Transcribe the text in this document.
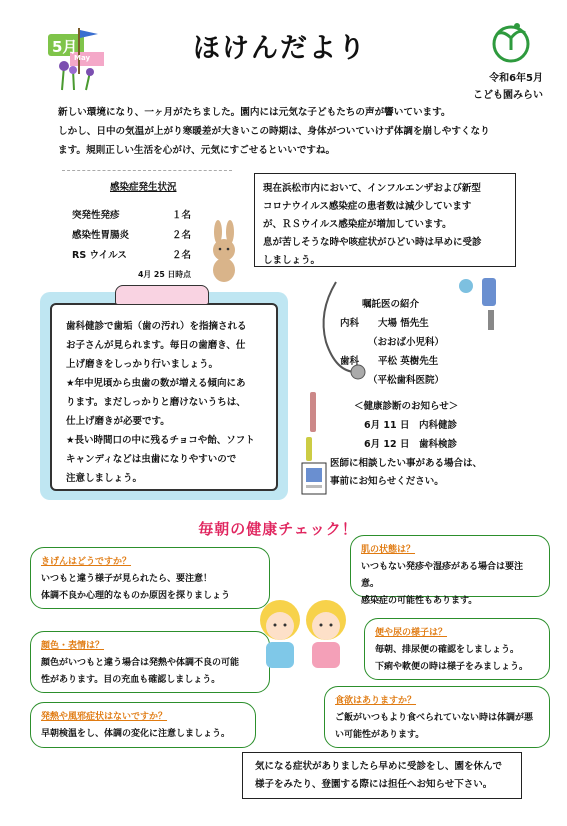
5月
May	ほけんだより
令和6年5月
こども園みらい

新しい環境になり、一ヶ月がたちました。園内には元気な子どもたちの声が響いています。

しかし、日中の気温が上がり寒暖差が大きいこの時期は、身体がついていけず体調を崩しやすくなり

ます。規則正しい生活を心がけ、元気にすごせるといいですね。

感染症発生状況
突発性発疹	１名
感染性胃腸炎	２名
RS ウイルス	２名
4月 25 日時点
現在浜松市内において、インフルエンザおよび新型
コロナウイルス感染症の患者数は減少しています
が、ＲＳウイルス感染症が増加しています。
息が苦しそうな時や咳症状がひどい時は早めに受診
しましょう。
歯科健診で歯垢（歯の汚れ）を指摘される
お子さんが見られます。毎日の歯磨き、仕
上げ磨きをしっかり行いましょう。
★年中児頃から虫歯の数が増える傾向にあ
ります。まだしっかりと磨けないうちは、
仕上げ磨きが必要です。
★長い時間口の中に残るチョコや飴、ソフト
キャンディなどは虫歯になりやすいので
注意しましょう。
嘱託医の紹介
内科　　大場 悟先生
（おおば小児科）
歯科　　平松 英樹先生
（平松歯科医院）
＜健康診断のお知らせ＞
6月 11 日　内科健診
6月 12 日　歯科検診
医師に相談したい事がある場合は、
事前にお知らせください。
毎朝の健康チェック！
きげんはどうですか？
いつもと違う様子が見られたら、要注意！
体調不良か心理的なものか原因を探りましょう
肌の状態は？
いつもない発疹や湿疹がある場合は要注意。
感染症の可能性もあります。
顔色・表情は？
顔色がいつもと違う場合は発熱や体調不良の可能
性があります。目の充血も確認しましょう。
便や尿の様子は？
毎朝、排尿便の確認をしましょう。
下痢や軟便の時は様子をみましょう。
食欲はありますか？
ご飯がいつもより食べられていない時は体調が悪
い可能性があります。
発熱や風邪症状はないですか？
早朝検温をし、体調の変化に注意しましょう。
気になる症状がありましたら早めに受診をし、園を休んで
様子をみたり、登園する際には担任へお知らせ下さい。
